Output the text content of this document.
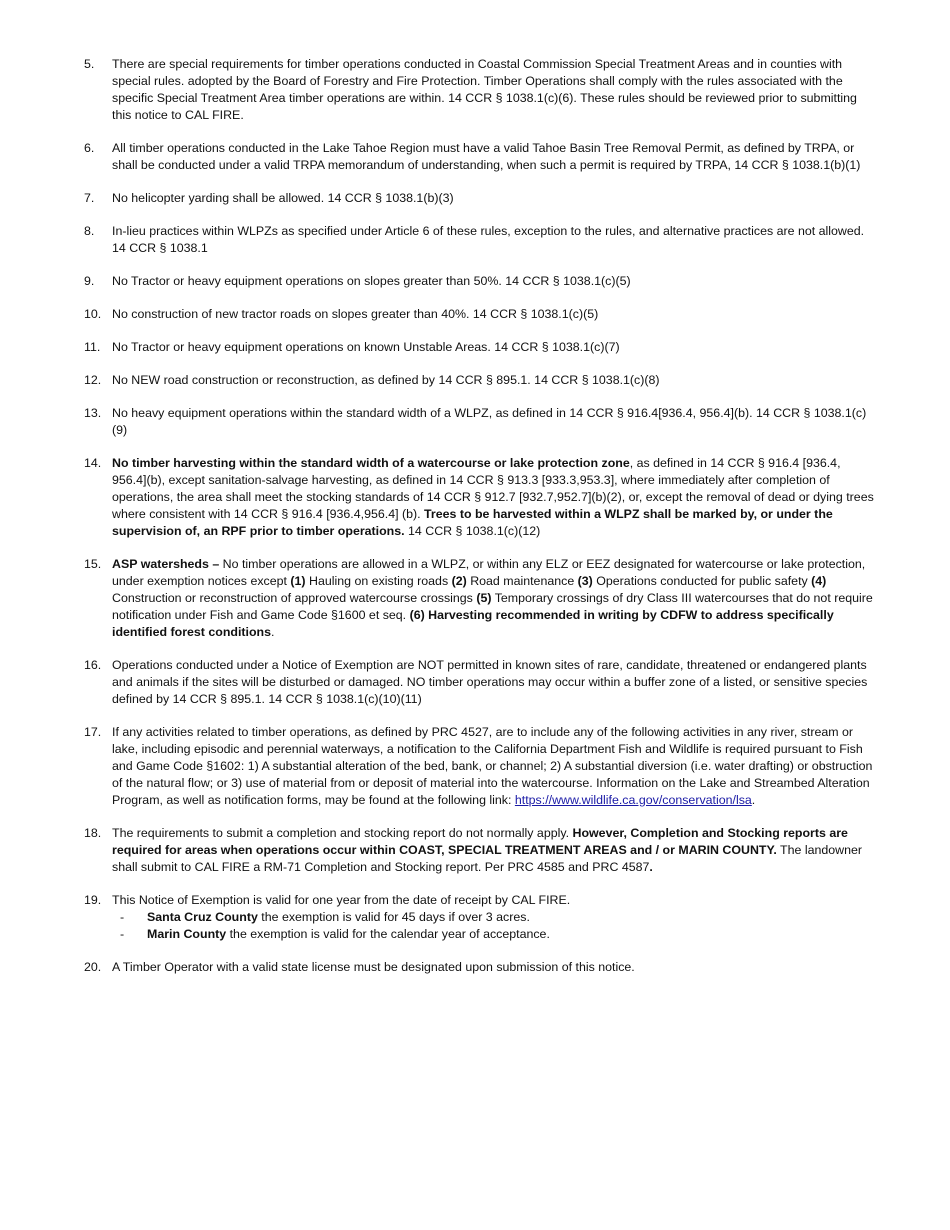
5.	There are special requirements for timber operations conducted in Coastal Commission Special Treatment Areas and in counties with special rules. adopted by the Board of Forestry and Fire Protection. Timber Operations shall comply with the rules associated with the specific Special Treatment Area timber operations are within. 14 CCR § 1038.1(c)(6). These rules should be reviewed prior to submitting this notice to CAL FIRE.
6.	All timber operations conducted in the Lake Tahoe Region must have a valid Tahoe Basin Tree Removal Permit, as defined by TRPA, or shall be conducted under a valid TRPA memorandum of understanding, when such a permit is required by TRPA, 14 CCR § 1038.1(b)(1)
7.	No helicopter yarding shall be allowed. 14 CCR § 1038.1(b)(3)
8.	In-lieu practices within WLPZs as specified under Article 6 of these rules, exception to the rules, and alternative practices are not allowed. 14 CCR § 1038.1
9.	No Tractor or heavy equipment operations on slopes greater than 50%. 14 CCR § 1038.1(c)(5)
10. No construction of new tractor roads on slopes greater than 40%. 14 CCR § 1038.1(c)(5)
11. No Tractor or heavy equipment operations on known Unstable Areas. 14 CCR § 1038.1(c)(7)
12. No NEW road construction or reconstruction, as defined by 14 CCR § 895.1. 14 CCR § 1038.1(c)(8)
13. No heavy equipment operations within the standard width of a WLPZ, as defined in 14 CCR § 916.4[936.4, 956.4](b). 14 CCR § 1038.1(c)(9)
14. No timber harvesting within the standard width of a watercourse or lake protection zone, as defined in 14 CCR § 916.4 [936.4, 956.4](b), except sanitation-salvage harvesting, as defined in 14 CCR § 913.3 [933.3,953.3], where immediately after completion of operations, the area shall meet the stocking standards of 14 CCR § 912.7 [932.7,952.7](b)(2), or, except the removal of dead or dying trees where consistent with 14 CCR § 916.4 [936.4,956.4] (b). Trees to be harvested within a WLPZ shall be marked by, or under the supervision of, an RPF prior to timber operations. 14 CCR § 1038.1(c)(12)
15. ASP watersheds – No timber operations are allowed in a WLPZ, or within any ELZ or EEZ designated for watercourse or lake protection, under exemption notices except (1) Hauling on existing roads (2) Road maintenance (3) Operations conducted for public safety (4) Construction or reconstruction of approved watercourse crossings (5) Temporary crossings of dry Class III watercourses that do not require notification under Fish and Game Code §1600 et seq. (6) Harvesting recommended in writing by CDFW to address specifically identified forest conditions.
16. Operations conducted under a Notice of Exemption are NOT permitted in known sites of rare, candidate, threatened or endangered plants and animals if the sites will be disturbed or damaged. NO timber operations may occur within a buffer zone of a listed, or sensitive species defined by 14 CCR § 895.1. 14 CCR § 1038.1(c)(10)(11)
17. If any activities related to timber operations, as defined by PRC 4527, are to include any of the following activities in any river, stream or lake, including episodic and perennial waterways, a notification to the California Department Fish and Wildlife is required pursuant to Fish and Game Code §1602: 1) A substantial alteration of the bed, bank, or channel; 2) A substantial diversion (i.e. water drafting) or obstruction of the natural flow; or 3) use of material from or deposit of material into the watercourse. Information on the Lake and Streambed Alteration Program, as well as notification forms, may be found at the following link: https://www.wildlife.ca.gov/conservation/lsa.
18. The requirements to submit a completion and stocking report do not normally apply. However, Completion and Stocking reports are required for areas when operations occur within COAST, SPECIAL TREATMENT AREAS and / or MARIN COUNTY. The landowner shall submit to CAL FIRE a RM-71 Completion and Stocking report. Per PRC 4585 and PRC 4587.
19. This Notice of Exemption is valid for one year from the date of receipt by CAL FIRE.
-	Santa Cruz County the exemption is valid for 45 days if over 3 acres.
-	Marin County the exemption is valid for the calendar year of acceptance.
20. A Timber Operator with a valid state license must be designated upon submission of this notice.
